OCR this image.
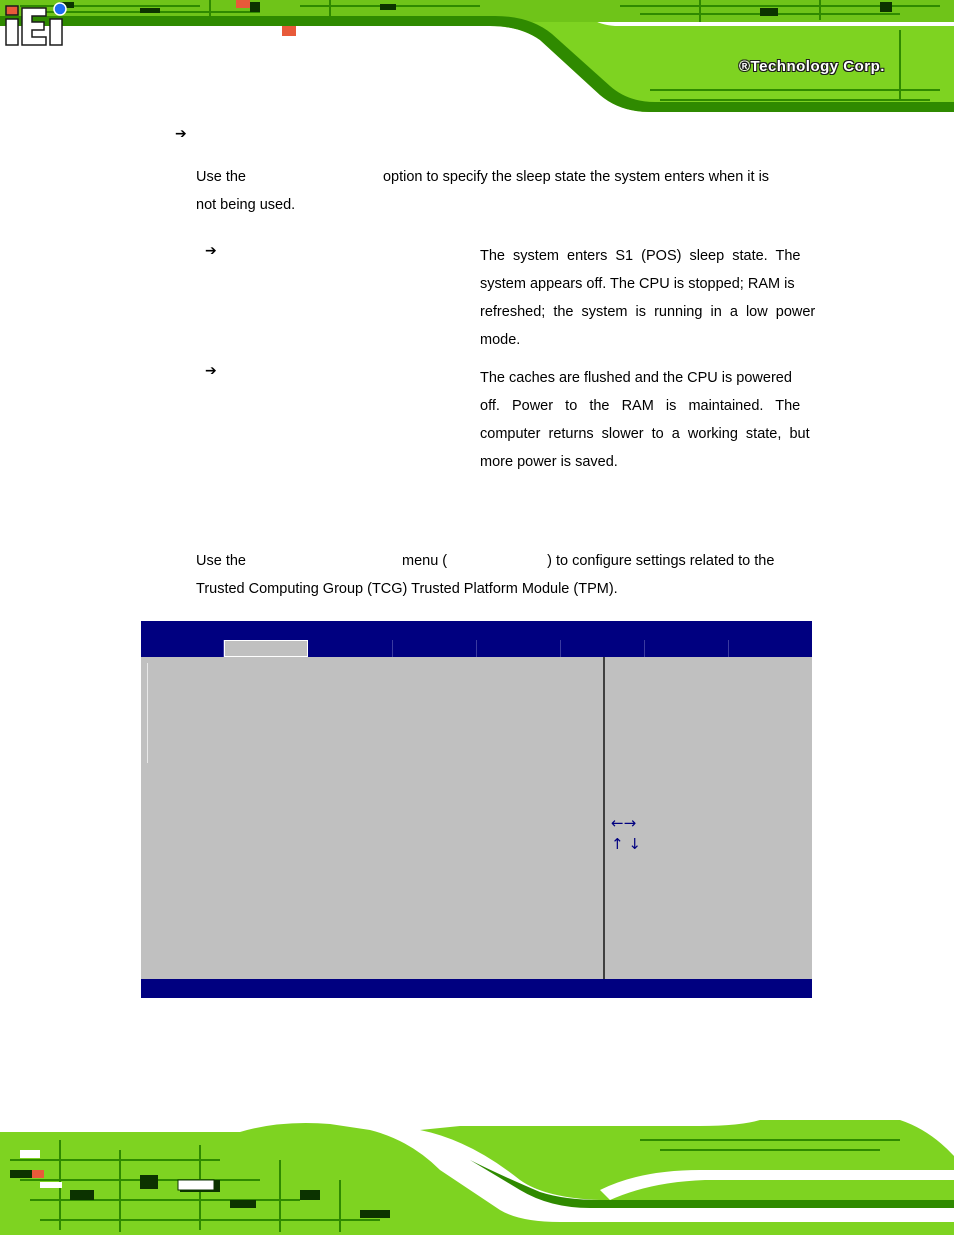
®Technology Corp.
➔
Use the	option to specify the sleep state the system enters when it is
not being used.
➔	The  system  enters  S1  (POS)  sleep  state.  The
system appears off. The CPU is stopped; RAM is
refreshed;  the  system  is  running  in  a  low  power
mode.
➔	The caches are flushed and the CPU is powered
off.   Power   to   the   RAM   is   maintained.   The
computer  returns  slower  to  a  working  state,  but
more power is saved.
Use the	menu (	) to configure settings related to the
Trusted Computing Group (TCG) Trusted Platform Module (TPM).
←→
↑ ↓
